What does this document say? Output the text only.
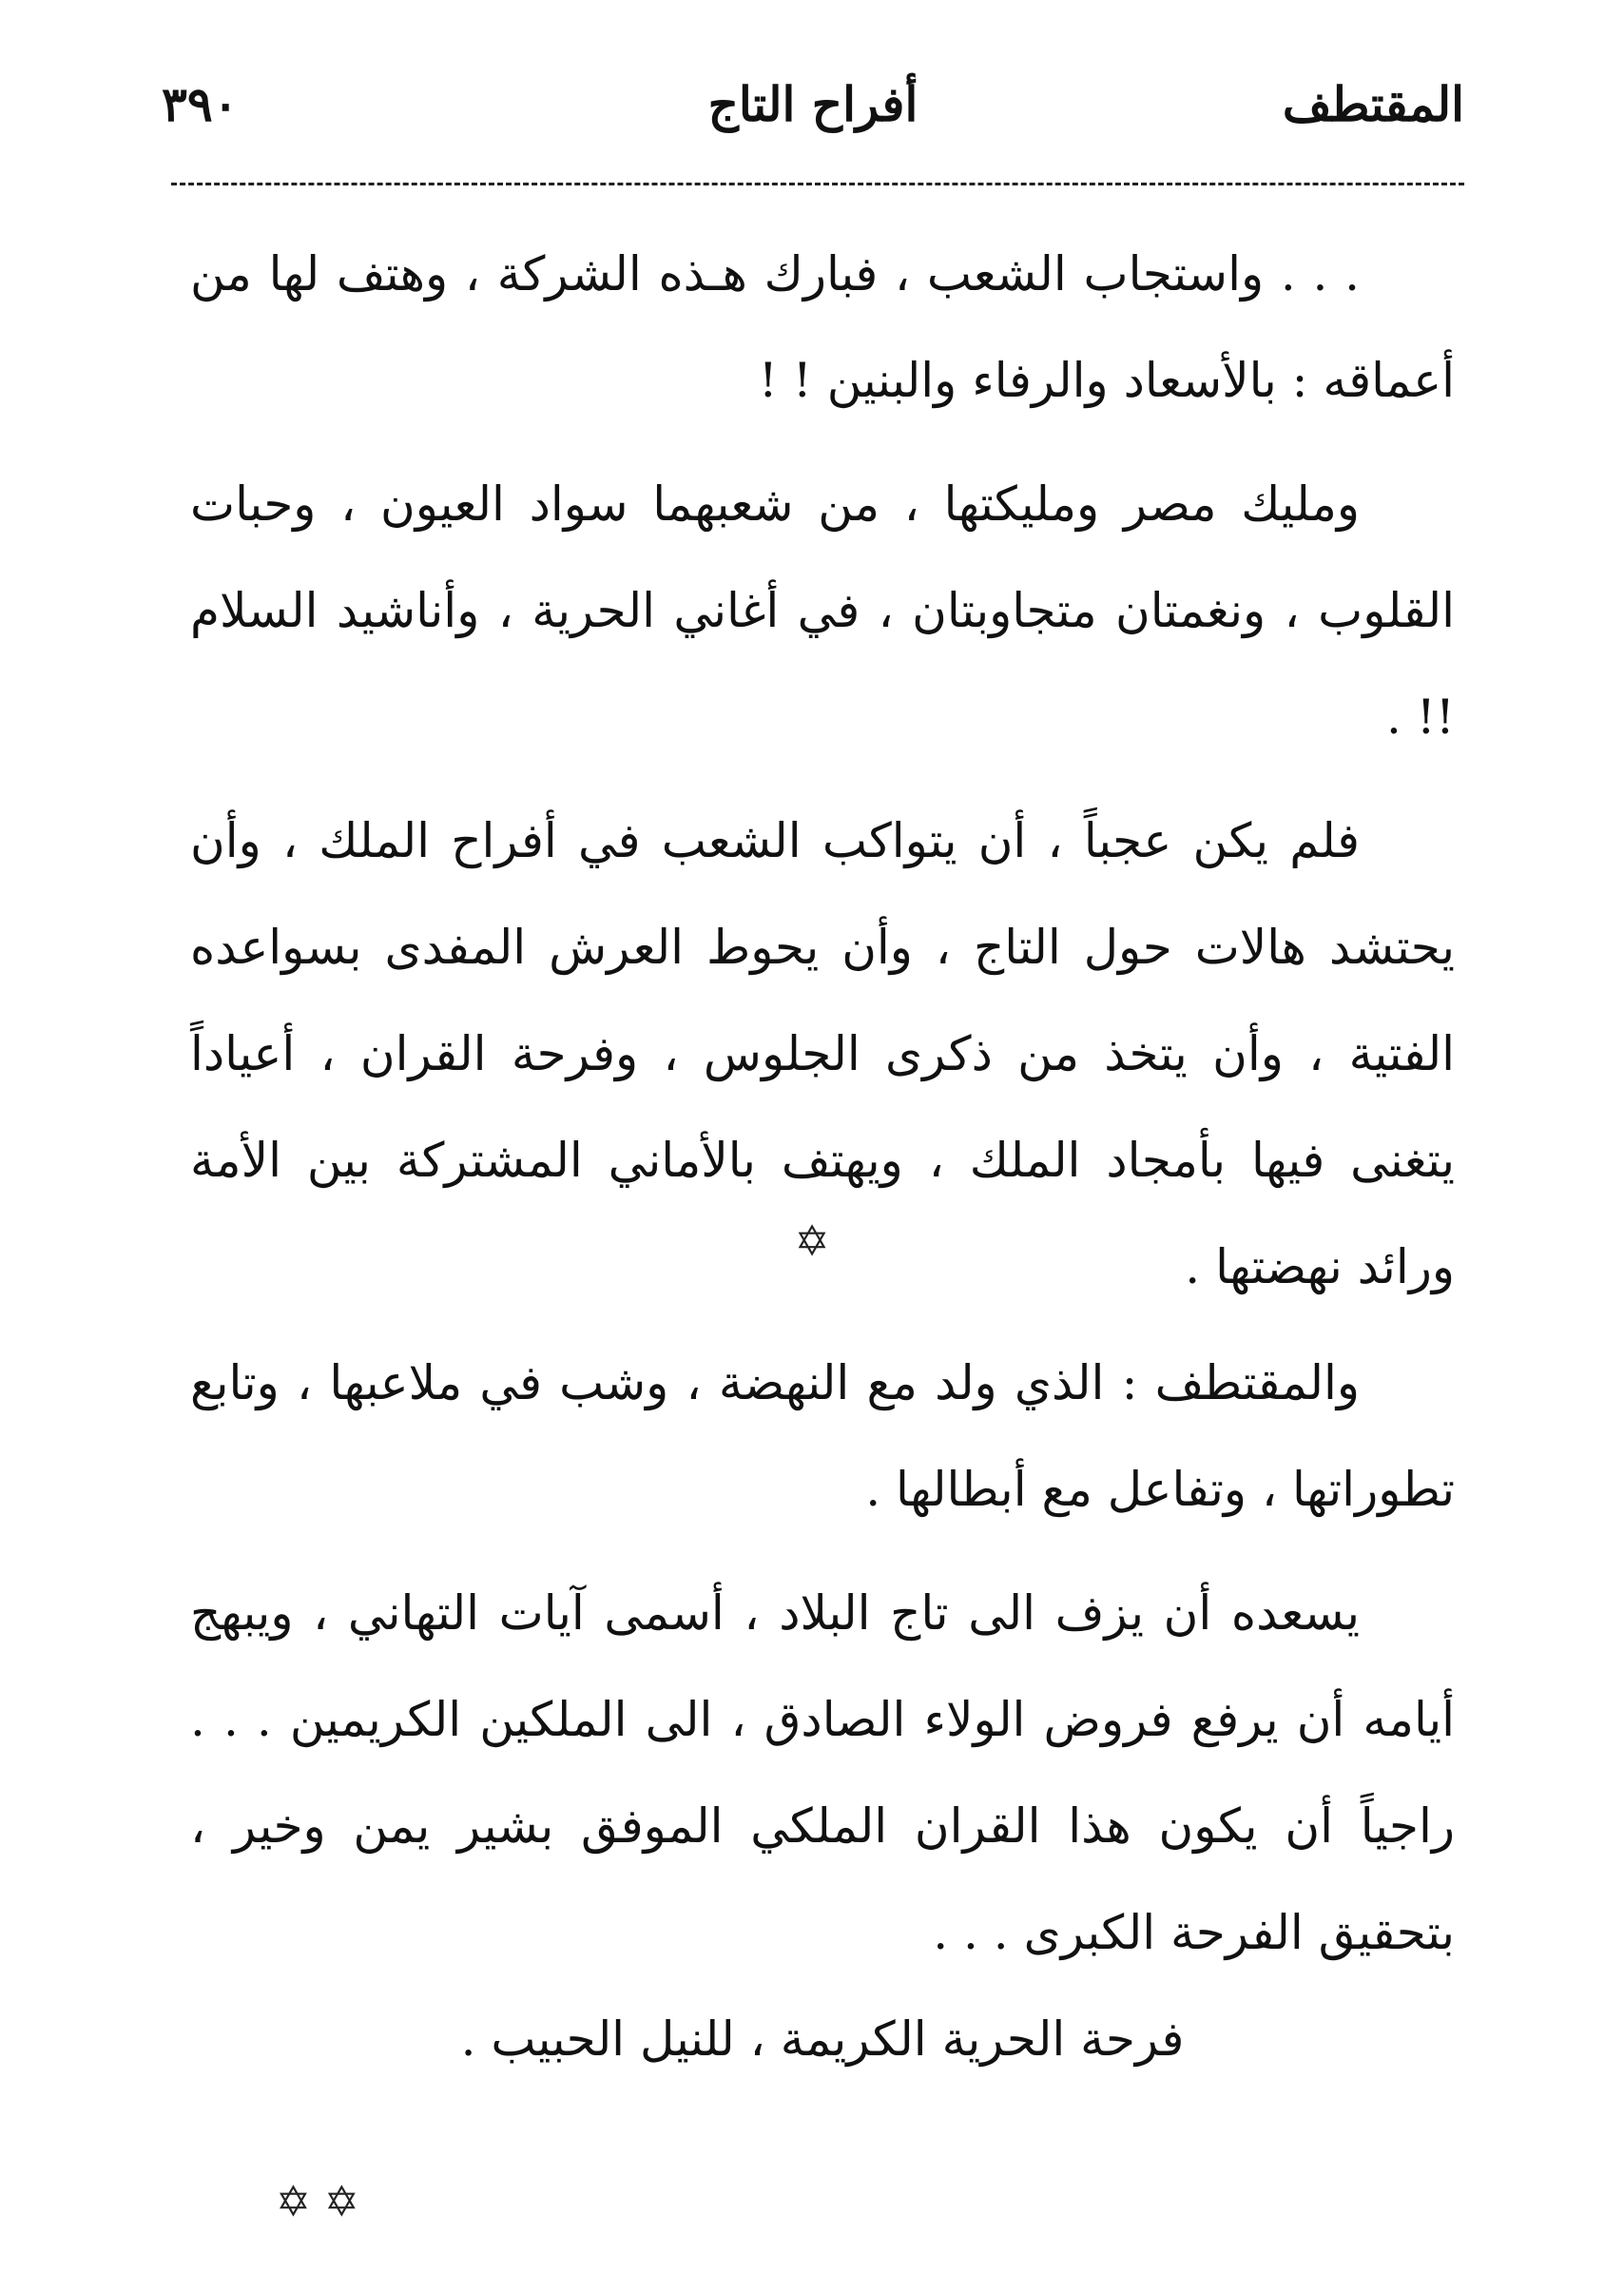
٣٩٠	أفراح التاج	المقتطف

. . . واستجاب الشعب ، فبارك هـذه الشركة ، وهتف لها من أعماقه : بالأسعاد والرفاء والبنين ! !

ومليك مصر ومليكتها ، من شعبهما سواد العيون ، وحبات القلوب ، ونغمتان متجاوبتان ، في أغاني الحرية ، وأناشيد السلام !! .

فلم يكن عجباً ، أن يتواكب الشعب في أفراح الملك ، وأن يحتشد هالات حول التاج ، وأن يحوط العرش المفدى بسواعده الفتية ، وأن يتخذ من ذكرى الجلوس ، وفرحة القران ، أعياداً يتغنى فيها بأمجاد الملك ، ويهتف بالأماني المشتركة بين الأمة ورائد نهضتها .

✡

والمقتطف : الذي ولد مع النهضة ، وشب في ملاعبها ، وتابع تطوراتها ، وتفاعل مع أبطالها .

يسعده أن يزف الى تاج البلاد ، أسمى آيات التهاني ، ويبهج أيامه أن يرفع فروض الولاء الصادق ، الى الملكين الكريمين . . . راجياً أن يكون هذا القران الملكي الموفق بشير يمن وخير ، بتحقيق الفرحة الكبرى . . .

فرحة الحرية الكريمة ، للنيل الحبيب .

✡ ✡
